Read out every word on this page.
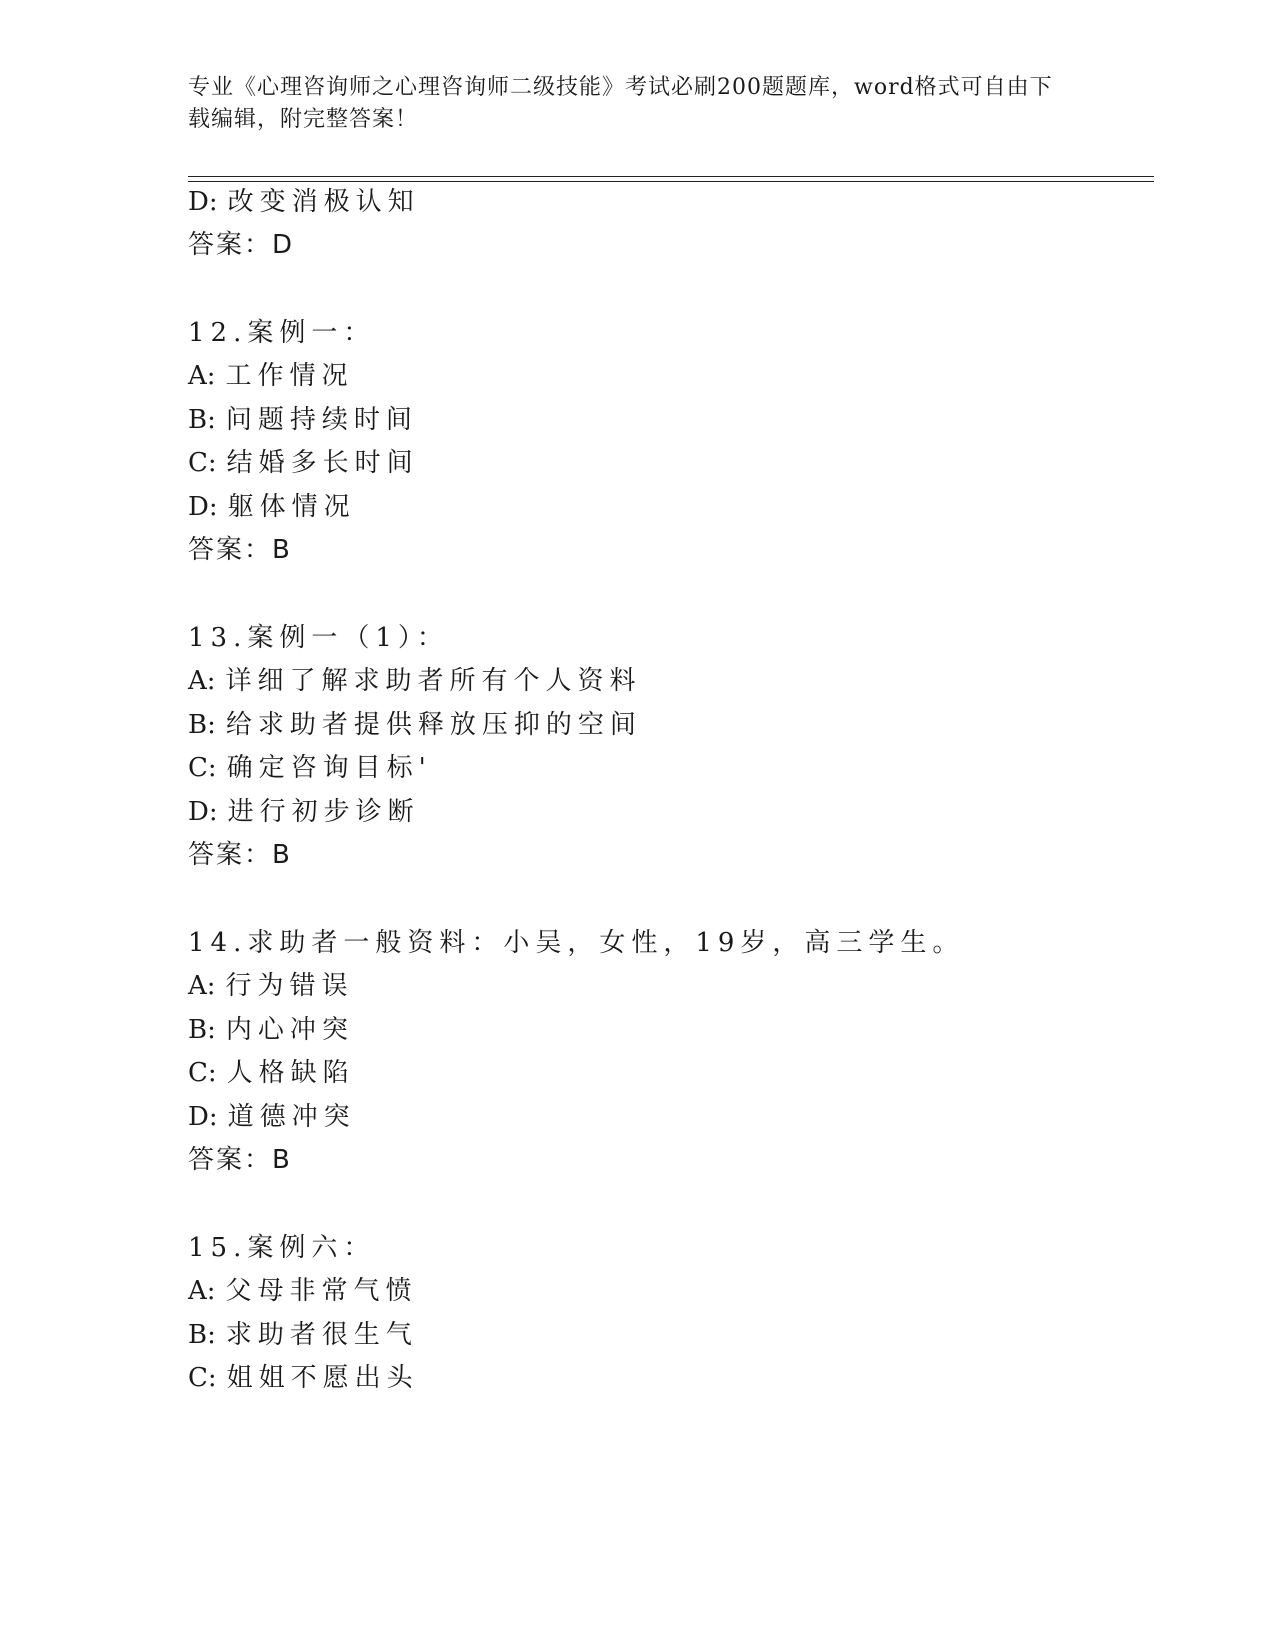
专业《心理咨询师之心理咨询师二级技能》考试必刷200题题库，word格式可自由下载编辑，附完整答案！
D: 改变消极认知
答案：D
12.案例一：
A: 工作情况
B: 问题持续时间
C: 结婚多长时间
D: 躯体情况
答案：B
13.案例一（1）：
A: 详细了解求助者所有个人资料
B: 给求助者提供释放压抑的空间
C: 确定咨询目标'
D: 进行初步诊断
答案：B
14.求助者一般资料：小吴，女性，19岁，高三学生。
A: 行为错误
B: 内心冲突
C: 人格缺陷
D: 道德冲突
答案：B
15.案例六：
A: 父母非常气愤
B: 求助者很生气
C: 姐姐不愿出头
